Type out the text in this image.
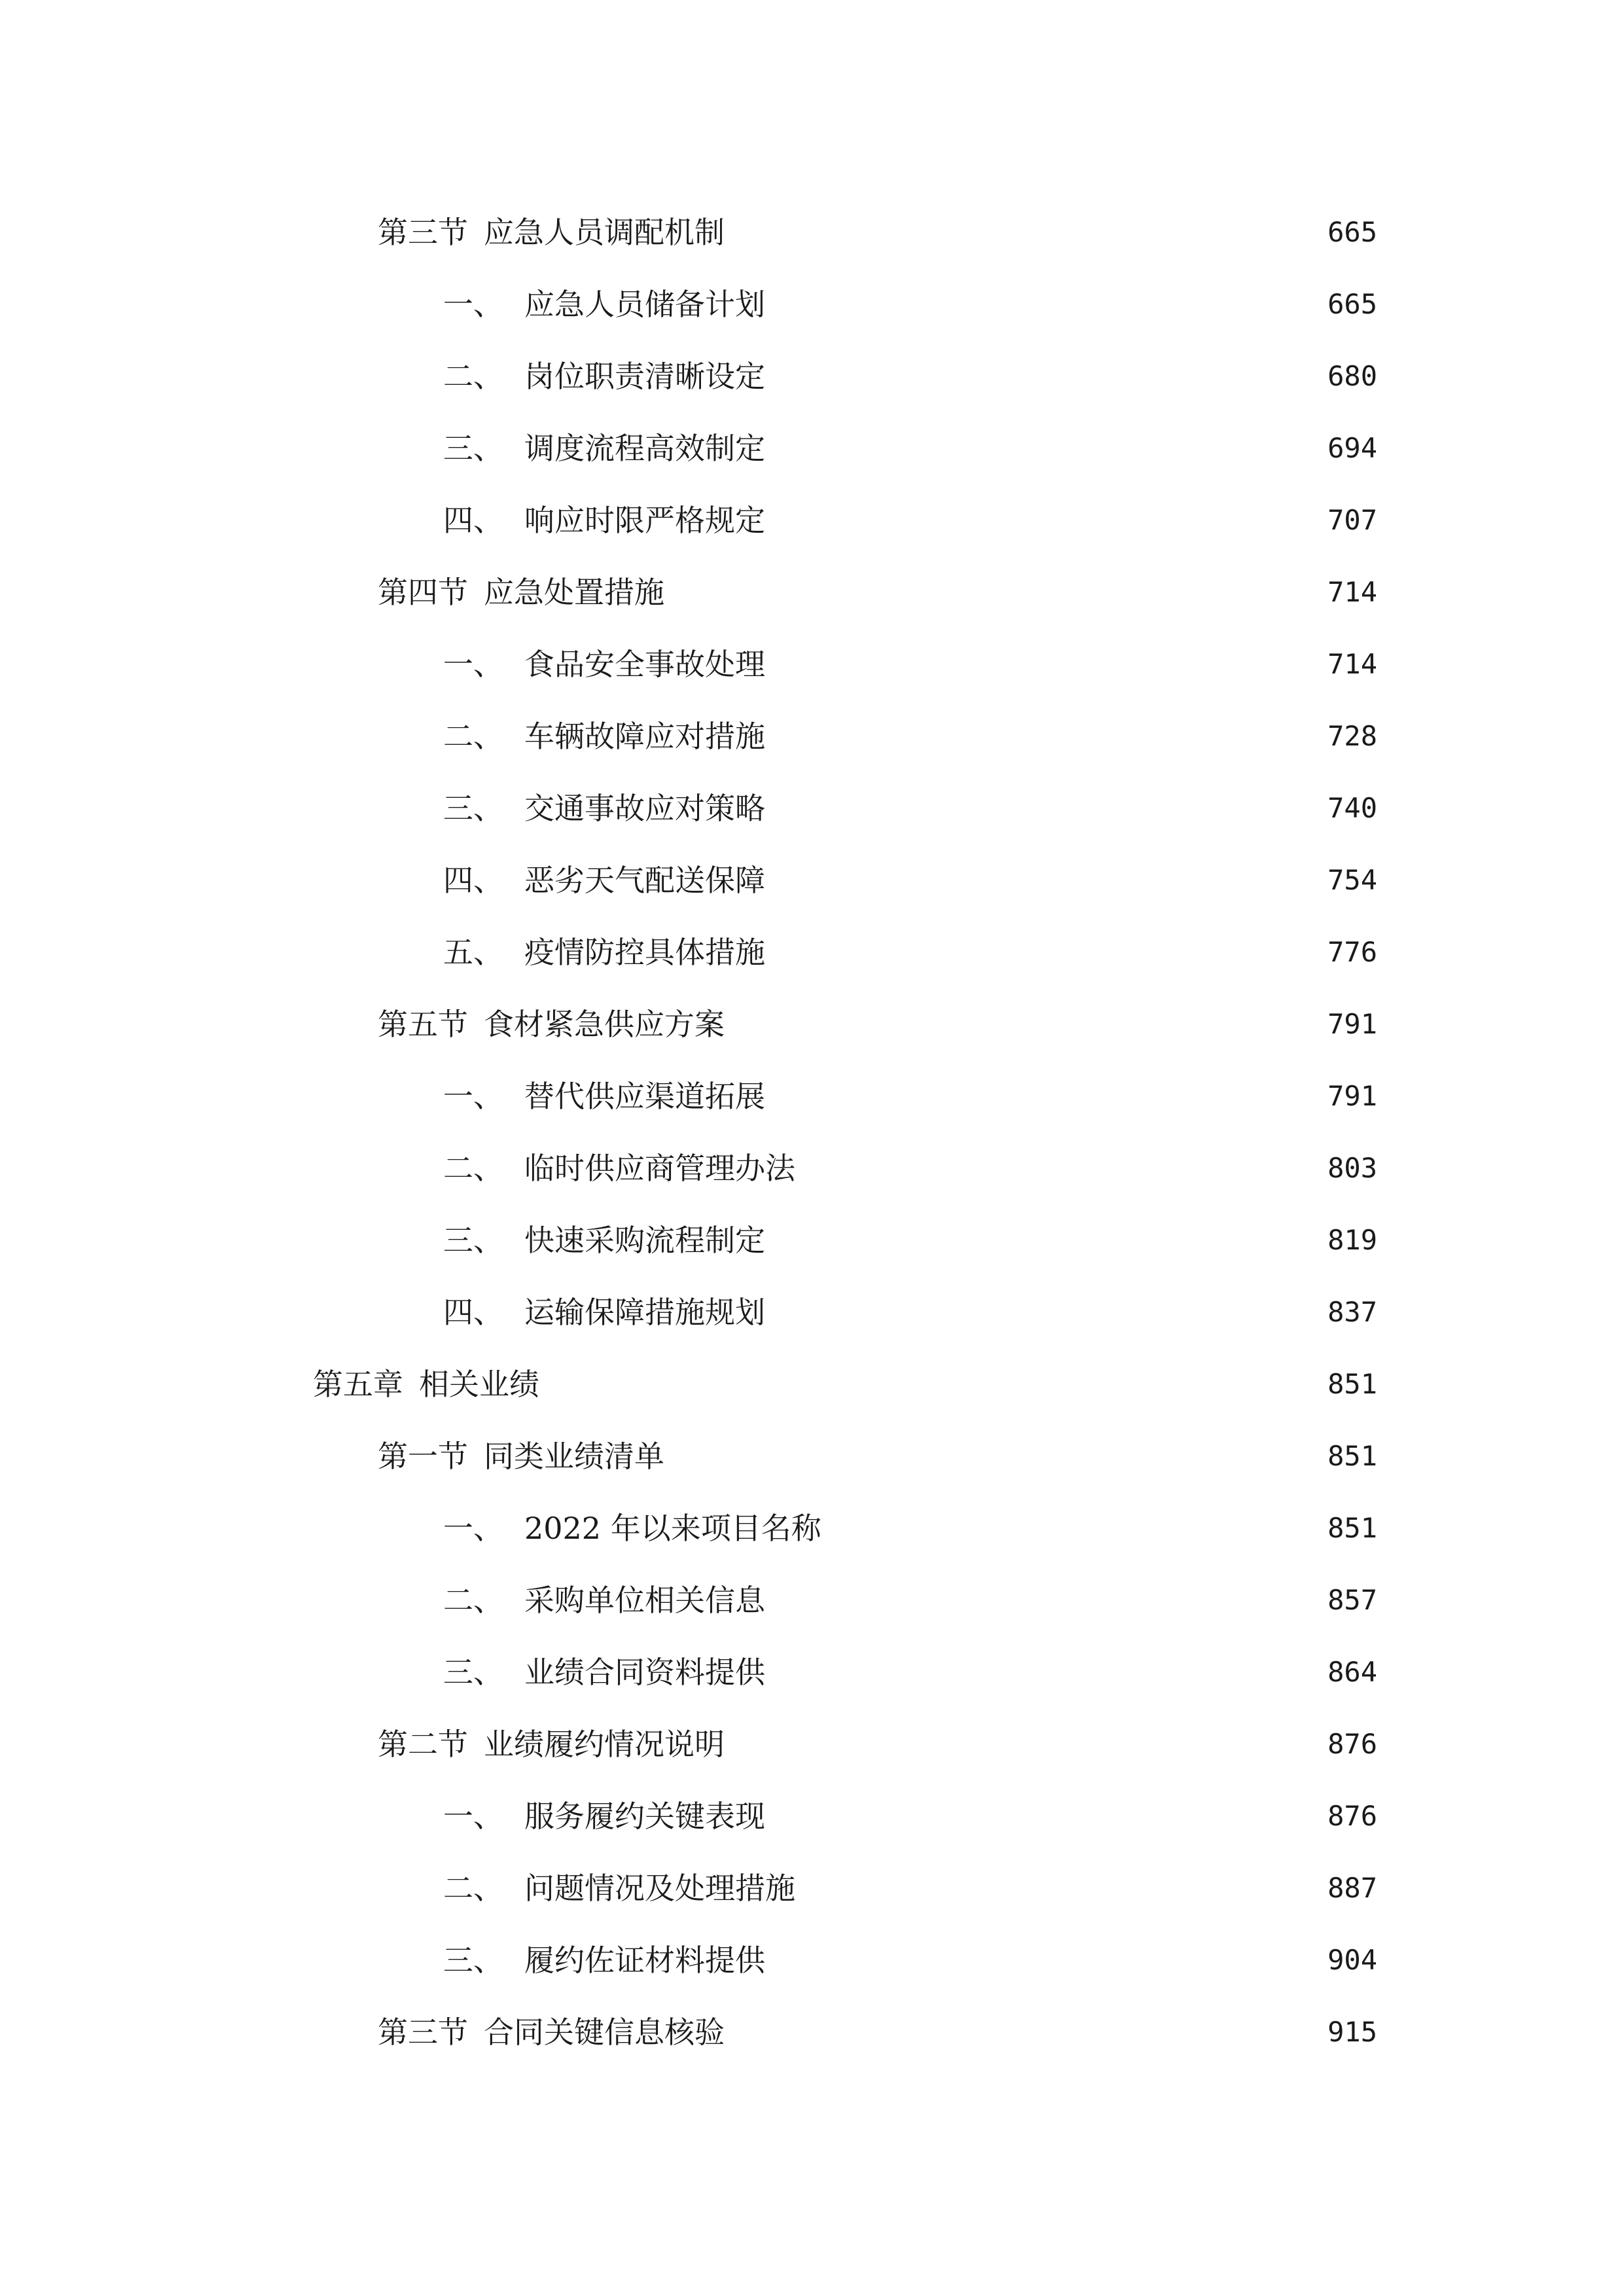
第三节 应急人员调配机制	665
一、 应急人员储备计划	665
二、 岗位职责清晰设定	680
三、 调度流程高效制定	694
四、 响应时限严格规定	707
第四节 应急处置措施	714
一、 食品安全事故处理	714
二、 车辆故障应对措施	728
三、 交通事故应对策略	740
四、 恶劣天气配送保障	754
五、 疫情防控具体措施	776
第五节 食材紧急供应方案	791
一、 替代供应渠道拓展	791
二、 临时供应商管理办法	803
三、 快速采购流程制定	819
四、 运输保障措施规划	837
第五章 相关业绩	851
第一节 同类业绩清单	851
一、 2022 年以来项目名称	851
二、 采购单位相关信息	857
三、 业绩合同资料提供	864
第二节 业绩履约情况说明	876
一、 服务履约关键表现	876
二、 问题情况及处理措施	887
三、 履约佐证材料提供	904
第三节 合同关键信息核验	915
